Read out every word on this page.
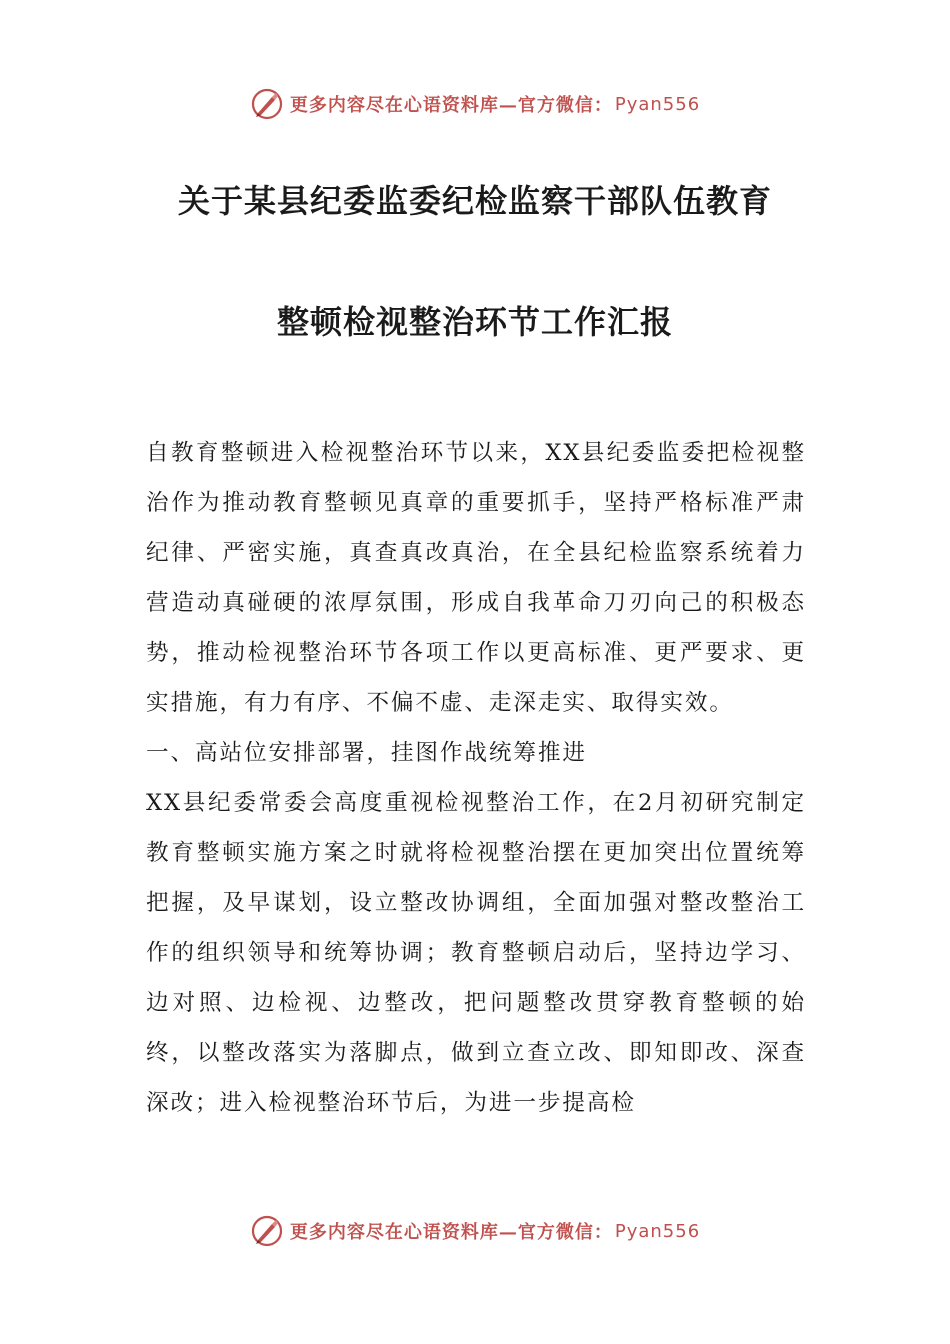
更多内容尽在心语资料库—官方微信： Pyan556
关于某县纪委监委纪检监察干部队伍教育
整顿检视整治环节工作汇报

自教育整顿进入检视整治环节以来，XX县纪委监委把检视整治作为推动教育整顿见真章的重要抓手，坚持严格标准严肃纪律、严密实施，真查真改真治，在全县纪检监察系统着力营造动真碰硬的浓厚氛围，形成自我革命刀刃向己的积极态势，推动检视整治环节各项工作以更高标准、更严要求、更实措施，有力有序、不偏不虚、走深走实、取得实效。

一、高站位安排部署，挂图作战统筹推进

XX县纪委常委会高度重视检视整治工作，在2月初研究制定教育整顿实施方案之时就将检视整治摆在更加突出位置统筹把握，及早谋划，设立整改协调组，全面加强对整改整治工作的组织领导和统筹协调；教育整顿启动后，坚持边学习、边对照、边检视、边整改，把问题整改贯穿教育整顿的始终，以整改落实为落脚点，做到立查立改、即知即改、深查深改；进入检视整治环节后，为进一步提高检

更多内容尽在心语资料库—官方微信： Pyan556
